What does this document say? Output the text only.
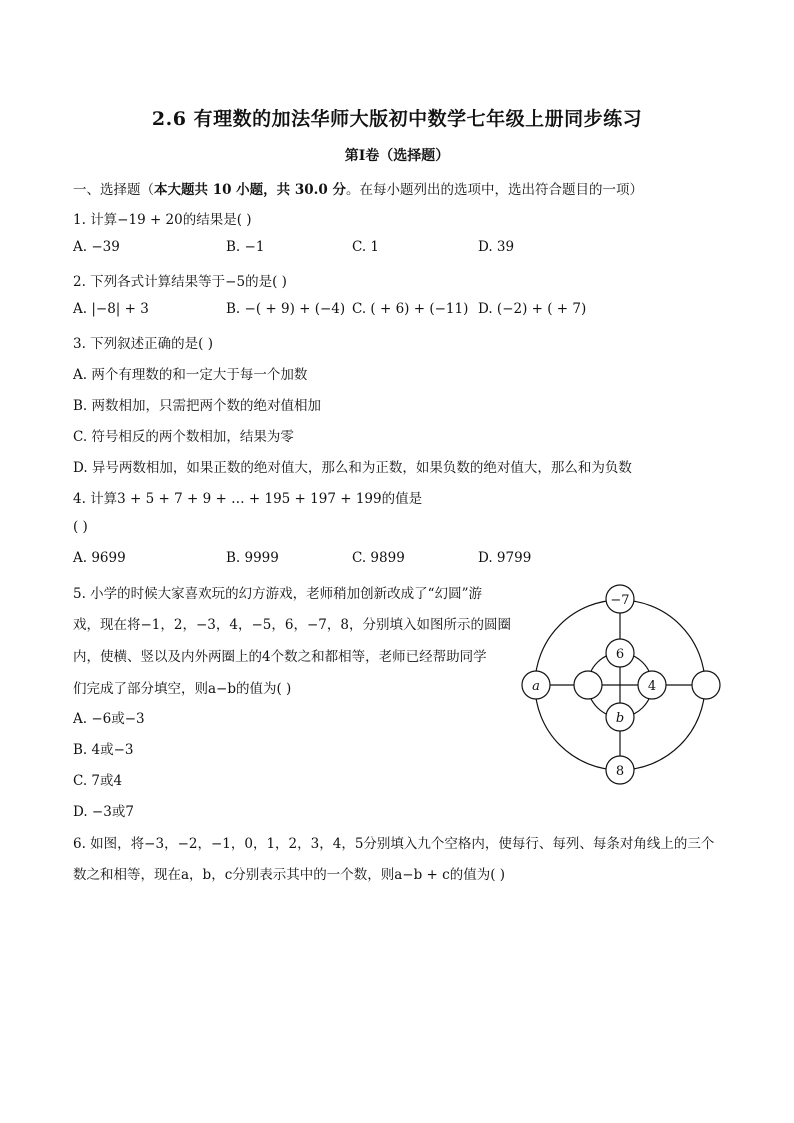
2.6 有理数的加法华师大版初中数学七年级上册同步练习
第Ⅰ卷（选择题）
一、选择题（本大题共 10 小题，共 30.0 分。在每小题列出的选项中，选出符合题目的一项）
1. 计算−19 + 20的结果是( )
A. −39	B. −1	C. 1	D. 39
2. 下列各式计算结果等于−5的是( )
A. |−8| + 3	B. −( + 9) + (−4) C. ( + 6) + (−11) D. (−2) + ( + 7)
3. 下列叙述正确的是( )
A. 两个有理数的和一定大于每一个加数
B. 两数相加，只需把两个数的绝对值相加
C. 符号相反的两个数相加，结果为零
D. 异号两数相加，如果正数的绝对值大，那么和为正数，如果负数的绝对值大，那么和为负数
4. 计算3 + 5 + 7 + 9 + … + 195 + 197 + 199的值是
( )
A. 9699	B. 9999	C. 9899	D. 9799
5. 小学的时候大家喜欢玩的幻方游戏，老师稍加创新改成了“幻圆”游
戏，现在将−1，2，−3，4，−5，6，−7，8，分别填入如图所示的圆圈
内，使横、竖以及内外两圈上的4个数之和都相等，老师已经帮助同学
们完成了部分填空，则a−b的值为( )
A. −6或−3
B. 4或−3
C. 7或4
D. −3或7
−7
6
4
b
a
8
6. 如图，将−3，−2，−1，0，1，2，3，4，5分别填入九个空格内，使每行、每列、每条对角线上的三个
数之和相等，现在a，b，c分别表示其中的一个数，则a−b + c的值为( )
